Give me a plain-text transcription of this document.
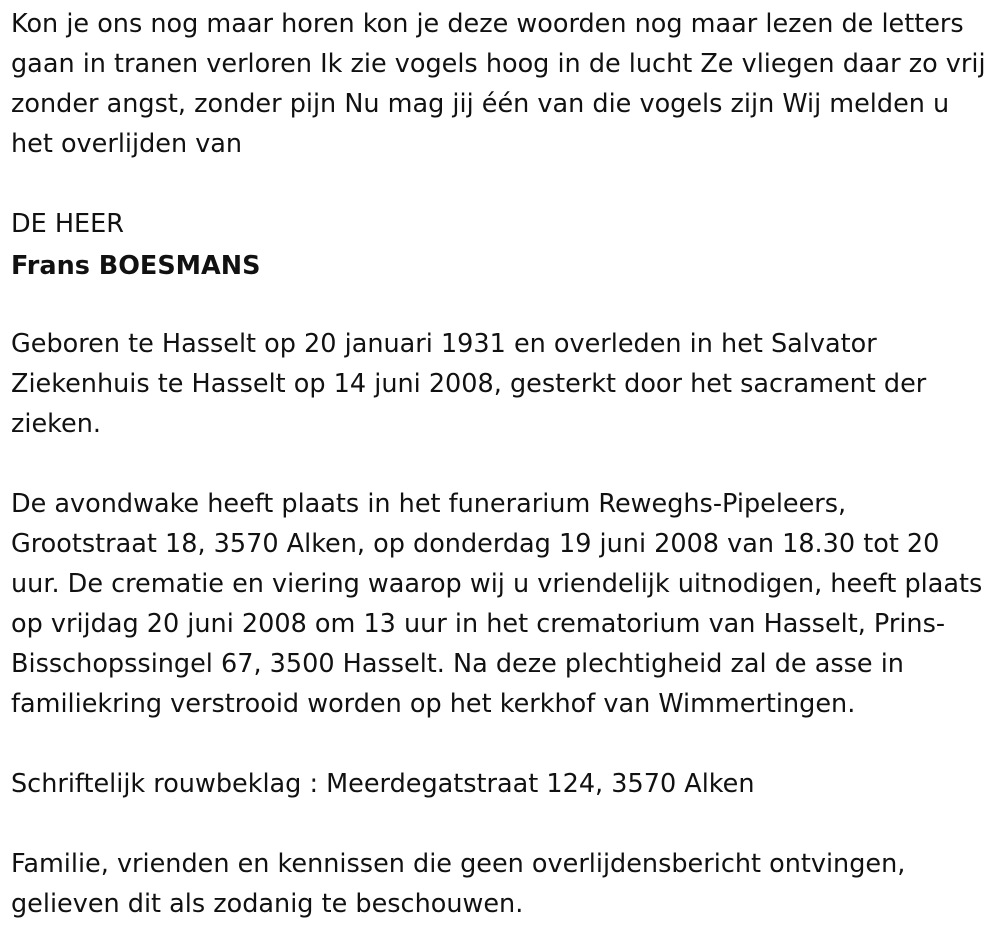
Kon je ons nog maar horen kon je deze woorden nog maar lezen de letters gaan in tranen verloren Ik zie vogels hoog in de lucht Ze vliegen daar zo vrij zonder angst, zonder pijn Nu mag jij één van die vogels zijn Wij melden u het overlijden van

DE HEER

Frans BOESMANS

Geboren te Hasselt op 20 januari 1931 en overleden in het Salvator Ziekenhuis te Hasselt op 14 juni 2008, gesterkt door het sacrament der zieken.

De avondwake heeft plaats in het funerarium Reweghs-Pipeleers, Grootstraat 18, 3570 Alken, op donderdag 19 juni 2008 van 18.30 tot 20 uur. De crematie en viering waarop wij u vriendelijk uitnodigen, heeft plaats op vrijdag 20 juni 2008 om 13 uur in het crematorium van Hasselt, Prins-Bisschopssingel 67, 3500 Hasselt. Na deze plechtigheid zal de asse in familiekring verstrooid worden op het kerkhof van Wimmertingen.

Schriftelijk rouwbeklag : Meerdegatstraat 124, 3570 Alken

Familie, vrienden en kennissen die geen overlijdensbericht ontvingen, gelieven dit als zodanig te beschouwen.
